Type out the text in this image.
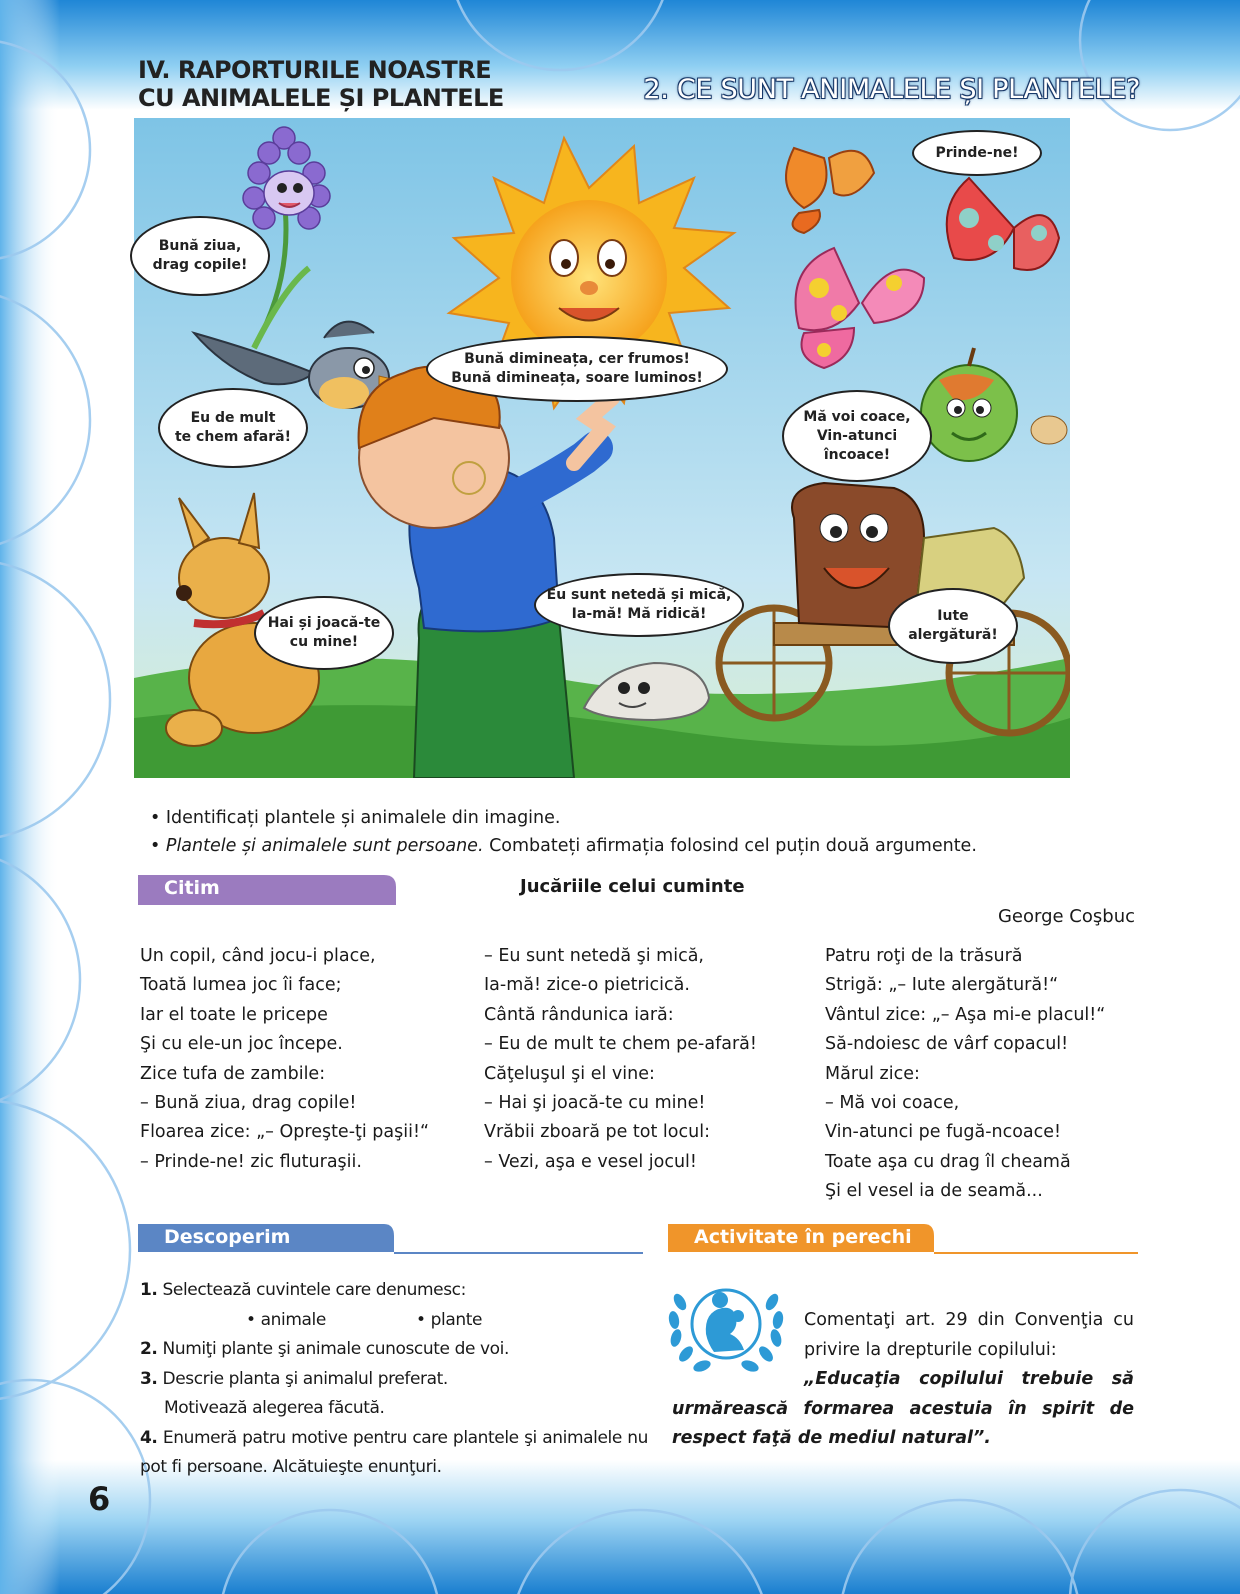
IV. RAPORTURILE NOASTRE
CU ANIMALELE ȘI PLANTELE	2. CE SUNT ANIMALELE ȘI PLANTELE?
Bună ziua,
drag copile!
Bună dimineața, cer frumos!
Bună dimineața, soare luminos!
Prinde-ne!
Eu de mult
te chem afară!
Mă voi coace,
Vin-atunci
încoace!
Hai și joacă-te
cu mine!
Eu sunt netedă și mică,
Ia-mă! Mă ridică!	Iute
alergătură!
• Identificați plantele și animalele din imagine.
• Plantele și animalele sunt persoane. Combateți afirmația folosind cel puțin două argumente.
Citim	Jucăriile celui cuminte
George Coşbuc
Un copil, când jocu-i place,
Toată lumea joc îi face;
Iar el toate le pricepe
Şi cu ele-un joc începe.
Zice tufa de zambile:
– Bună ziua, drag copile!
Floarea zice: „– Opreşte-ţi paşii!“
– Prinde-ne! zic fluturaşii.
– Eu sunt netedă şi mică,
Ia-mă! zice-o pietricică.
Cântă rândunica iară:
– Eu de mult te chem pe-afară!
Căţeluşul şi el vine:
– Hai şi joacă-te cu mine!
Vrăbii zboară pe tot locul:
– Vezi, aşa e vesel jocul!
Patru roţi de la trăsură
Strigă: „– Iute alergătură!“
Vântul zice: „– Aşa mi-e placul!“
Să-ndoiesc de vârf copacul!
Mărul zice:
– Mă voi coace,
Vin-atunci pe fugă-ncoace!
Toate aşa cu drag îl cheamă
Şi el vesel ia de seamă...
Descoperim
1. Selectează cuvintele care denumesc:
• animale	• plante
2. Numiţi plante şi animale cunoscute de voi.
3. Descrie planta şi animalul preferat.
Motivează alegerea făcută.
4. Enumeră patru motive pentru care plantele şi animalele nu pot fi persoane. Alcătuieşte enunţuri.
Activitate în perechi
Comentaţi art. 29 din Convenţia cu privire la drepturile copilului:
„Educaţia copilului trebuie să urmărească formarea acestuia în spirit de respect faţă de mediul natural”.
6
